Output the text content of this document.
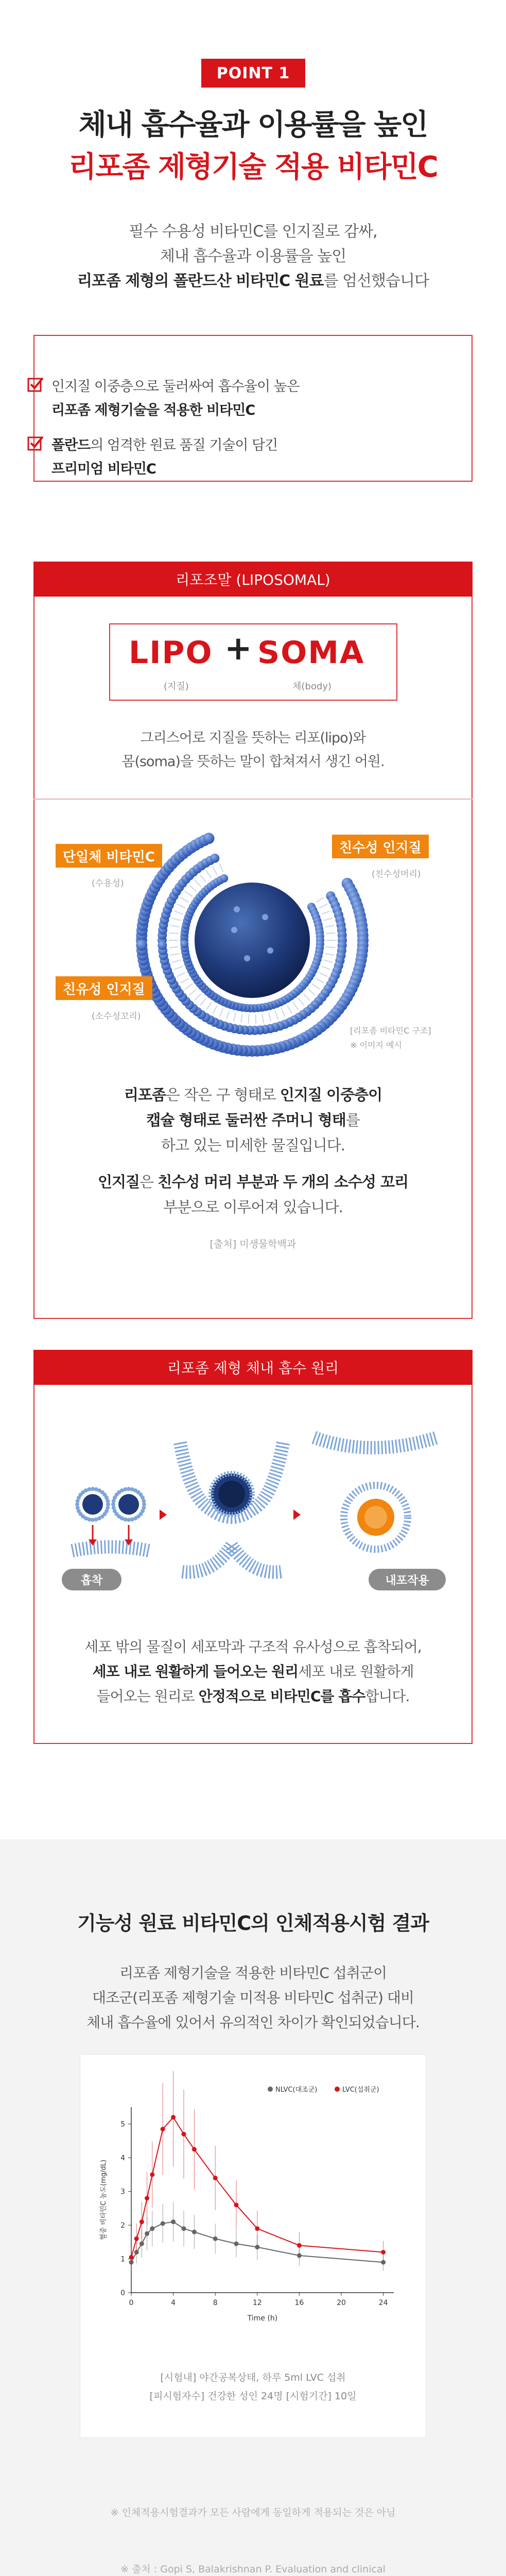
POINT 1
체내 흡수율과 이용률을 높인
리포좀 제형기술 적용 비타민C
필수 수용성 비타민C를 인지질로 감싸,
체내 흡수율과 이용률을 높인
리포좀 제형의 폴란드산 비타민C 원료를 엄선했습니다
인지질 이중층으로 둘러싸여 흡수율이 높은
리포좀 제형기술을 적용한 비타민C
폴란드의 엄격한 원료 품질 기술이 담긴
프리미엄 비타민C
리포조말 (LIPOSOMAL)
LIPO + SOMA
(지질)	체(body)
그리스어로 지질을 뜻하는 리포(lipo)와
몸(soma)을 뜻하는 말이 합쳐져서 생긴 어원.
단일체 비타민C
(수용성)
친수성 인지질
(친수성머리)
친유성 인지질
(소수성꼬리)
[리포좀 비타민C 구조]
※ 이미지 예시
리포좀은 작은 구 형태로 인지질 이중층이
캡슐 형태로 둘러싼 주머니 형태를
하고 있는 미세한 물질입니다.
인지질은 친수성 머리 부분과 두 개의 소수성 꼬리
부분으로 이루어져 있습니다.
[출처] 미생물학백과
리포좀 제형 체내 흡수 원리
흡착	내포작용
세포 밖의 물질이 세포막과 구조적 유사성으로 흡착되어,
세포 내로 원활하게 들어오는 원리세포 내로 원활하게
들어오는 원리로 안정적으로 비타민C를 흡수합니다.
기능성 원료 비타민C의 인체적용시험 결과
리포좀 제형기술을 적용한 비타민C 섭취군이
대조군(리포좀 제형기술 미적용 비타민C 섭취군) 대비
체내 흡수율에 있어서 유의적인 차이가 확인되었습니다.
0
1
2
3
4
5
0	4	8	12	16	20	24
Time (h)
혈중 비타민C 농도(mg/dL)
NLVC(대조군)	LVC(섭취군)
[시험내] 야간공복상태, 하루 5ml LVC 섭취
[피시험자수] 건강한 성인 24명 [시험기간] 10일
※ 인체적용시험결과가 모든 사람에게 동일하게 적용되는 것은 아님
※ 출처 : Gopi S, Balakrishnan P. Evaluation and clinical
